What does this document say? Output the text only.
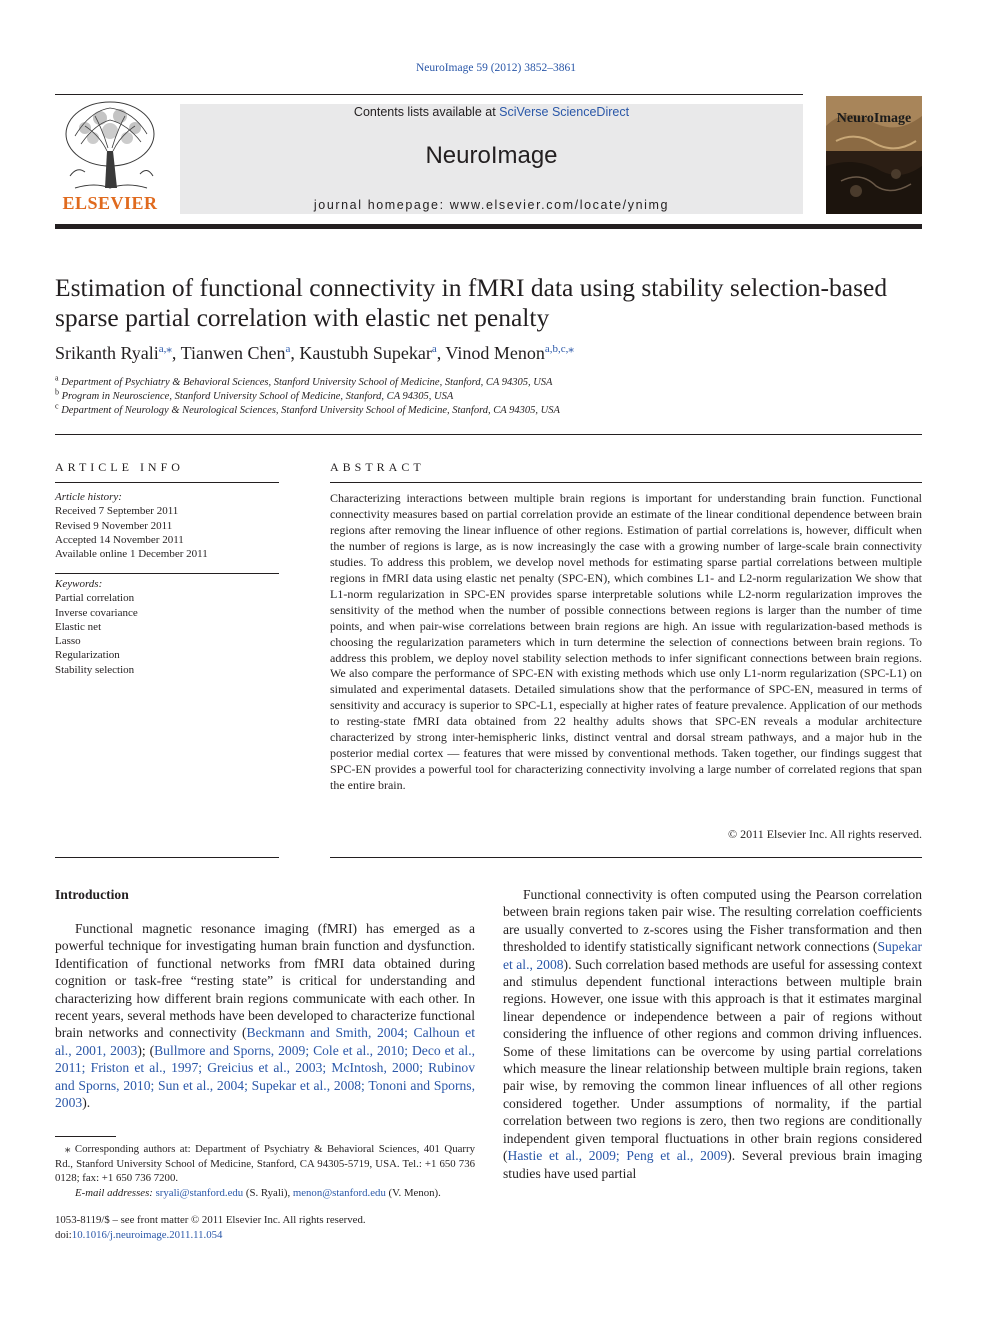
NeuroImage 59 (2012) 3852–3861
ELSEVIER
Contents lists available at SciVerse ScienceDirect
NeuroImage
journal homepage: www.elsevier.com/locate/ynimg
NeuroImage
Estimation of functional connectivity in fMRI data using stability selection-based sparse partial correlation with elastic net penalty
Srikanth Ryali$^{a,⁎}$, Tianwen Chen$^a$, Kaustubh Supekar$^a$, Vinod Menon$^{a,b,c,⁎}$
$^a$ Department of Psychiatry & Behavioral Sciences, Stanford University School of Medicine, Stanford, CA 94305, USA
$^b$ Program in Neuroscience, Stanford University School of Medicine, Stanford, CA 94305, USA
$^c$ Department of Neurology & Neurological Sciences, Stanford University School of Medicine, Stanford, CA 94305, USA
ARTICLE INFO
Article history:
Received 7 September 2011
Revised 9 November 2011
Accepted 14 November 2011
Available online 1 December 2011
Keywords:
Partial correlation
Inverse covariance
Elastic net
Lasso
Regularization
Stability selection
ABSTRACT
Characterizing interactions between multiple brain regions is important for understanding brain function. Functional connectivity measures based on partial correlation provide an estimate of the linear conditional dependence between brain regions after removing the linear influence of other regions. Estimation of partial correlations is, however, difficult when the number of regions is large, as is now increasingly the case with a growing number of large-scale brain connectivity studies. To address this problem, we develop novel methods for estimating sparse partial correlations between multiple regions in fMRI data using elastic net penalty (SPC-EN), which combines L1- and L2-norm regularization We show that L1-norm regularization in SPC-EN provides sparse interpretable solutions while L2-norm regularization improves the sensitivity of the method when the number of possible connections between regions is larger than the number of time points, and when pair-wise correlations between brain regions are high. An issue with regularization-based methods is choosing the regularization parameters which in turn determine the selection of connections between brain regions. To address this problem, we deploy novel stability selection methods to infer significant connections between brain regions. We also compare the performance of SPC-EN with existing methods which use only L1-norm regularization (SPC-L1) on simulated and experimental datasets. Detailed simulations show that the performance of SPC-EN, measured in terms of sensitivity and accuracy is superior to SPC-L1, especially at higher rates of feature prevalence. Application of our methods to resting-state fMRI data obtained from 22 healthy adults shows that SPC-EN reveals a modular architecture characterized by strong inter-hemispheric links, distinct ventral and dorsal stream pathways, and a major hub in the posterior medial cortex — features that were missed by conventional methods. Taken together, our findings suggest that SPC-EN provides a powerful tool for characterizing connectivity involving a large number of correlated regions that span the entire brain.
© 2011 Elsevier Inc. All rights reserved.
Introduction

Functional magnetic resonance imaging (fMRI) has emerged as a powerful technique for investigating human brain function and dysfunction. Identification of functional networks from fMRI data obtained during cognition or task-free “resting state” is critical for understanding and characterizing how different brain regions communicate with each other. In recent years, several methods have been developed to characterize functional brain networks and connectivity (Beckmann and Smith, 2004; Calhoun et al., 2001, 2003); (Bullmore and Sporns, 2009; Cole et al., 2010; Deco et al., 2011; Friston et al., 1997; Greicius et al., 2003; McIntosh, 2000; Rubinov and Sporns, 2010; Sun et al., 2004; Supekar et al., 2008; Tononi and Sporns, 2003).

Functional connectivity is often computed using the Pearson correlation between brain regions taken pair wise. The resulting correlation coefficients are usually converted to z-scores using the Fisher transformation and then thresholded to identify statistically significant network connections (Supekar et al., 2008). Such correlation based methods are useful for assessing context and stimulus dependent functional interactions between multiple brain regions. However, one issue with this approach is that it estimates marginal linear dependence or independence between a pair of regions without considering the influence of other regions and common driving influences. Some of these limitations can be overcome by using partial correlations which measure the linear relationship between multiple brain regions, taken pair wise, by removing the common linear influences of all other regions considered together. Under assumptions of normality, if the partial correlation between two regions is zero, then two regions are conditionally independent given temporal fluctuations in other brain regions considered (Hastie et al., 2009; Peng et al., 2009). Several previous brain imaging studies have used partial

⁎ Corresponding authors at: Department of Psychiatry & Behavioral Sciences, 401 Quarry Rd., Stanford University School of Medicine, Stanford, CA 94305-5719, USA. Tel.: +1 650 736 0128; fax: +1 650 736 7200.
E-mail addresses: sryali@stanford.edu (S. Ryali), menon@stanford.edu (V. Menon).
1053-8119/$ – see front matter © 2011 Elsevier Inc. All rights reserved.
doi:10.1016/j.neuroimage.2011.11.054
